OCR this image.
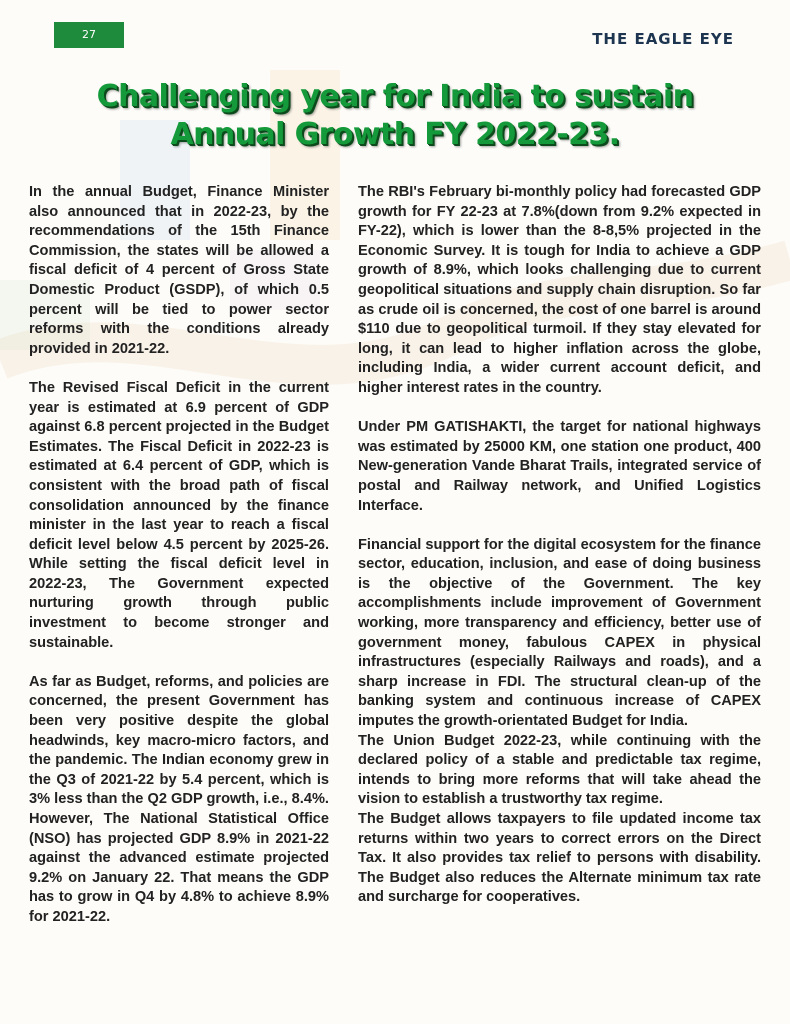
27	THE EAGLE EYE
Challenging year for India to sustain
Annual Growth FY 2022-23.

In the annual Budget, Finance Minister also announced that in 2022-23, by the recommendations of the 15th Finance Commission, the states will be allowed a fiscal deficit of 4 percent of Gross State Domestic Product (GSDP), of which 0.5 percent will be tied to power sector reforms with the conditions already provided in 2021-22.

The Revised Fiscal Deficit in the current year is estimated at 6.9 percent of GDP against 6.8 percent projected in the Budget Estimates. The Fiscal Deficit in 2022-23 is estimated at 6.4 percent of GDP, which is consistent with the broad path of fiscal consolidation announced by the finance minister in the last year to reach a fiscal deficit level below 4.5 percent by 2025-26. While setting the fiscal deficit level in 2022-23, The Government expected nurturing growth through public investment to become stronger and sustainable.

As far as Budget, reforms, and policies are concerned, the present Government has been very positive despite the global headwinds, key macro-micro factors, and the pandemic. The Indian economy grew in the Q3 of 2021-22 by 5.4 percent, which is 3% less than the Q2 GDP growth, i.e., 8.4%. However, The National Statistical Office (NSO) has projected GDP 8.9% in 2021-22 against the advanced estimate projected 9.2% on January 22. That means the GDP has to grow in Q4 by 4.8% to achieve 8.9% for 2021-22.

The RBI's February bi-monthly policy had forecasted GDP growth for FY 22-23 at 7.8%(down from 9.2% expected in FY-22), which is lower than the 8-8,5% projected in the Economic Survey. It is tough for India to achieve a GDP growth of 8.9%, which looks challenging due to current geopolitical situations and supply chain disruption. So far as crude oil is concerned, the cost of one barrel is around $110 due to geopolitical turmoil. If they stay elevated for long, it can lead to higher inflation across the globe, including India, a wider current account deficit, and higher interest rates in the country.

Under PM GATISHAKTI, the target for national highways was estimated by 25000 KM, one station one product, 400 New-generation Vande Bharat Trails, integrated service of postal and Railway network, and Unified Logistics Interface.

Financial support for the digital ecosystem for the finance sector, education, inclusion, and ease of doing business is the objective of the Government. The key accomplishments include improvement of Government working, more transparency and efficiency, better use of government money, fabulous CAPEX in physical infrastructures (especially Railways and roads), and a sharp increase in FDI. The structural clean-up of the banking system and continuous increase of CAPEX imputes the growth-orientated Budget for India.

The Union Budget 2022-23, while continuing with the declared policy of a stable and predictable tax regime, intends to bring more reforms that will take ahead the vision to establish a trustworthy tax regime.

The Budget allows taxpayers to file updated income tax returns within two years to correct errors on the Direct Tax. It also provides tax relief to persons with disability. The Budget also reduces the Alternate minimum tax rate and surcharge for cooperatives.
